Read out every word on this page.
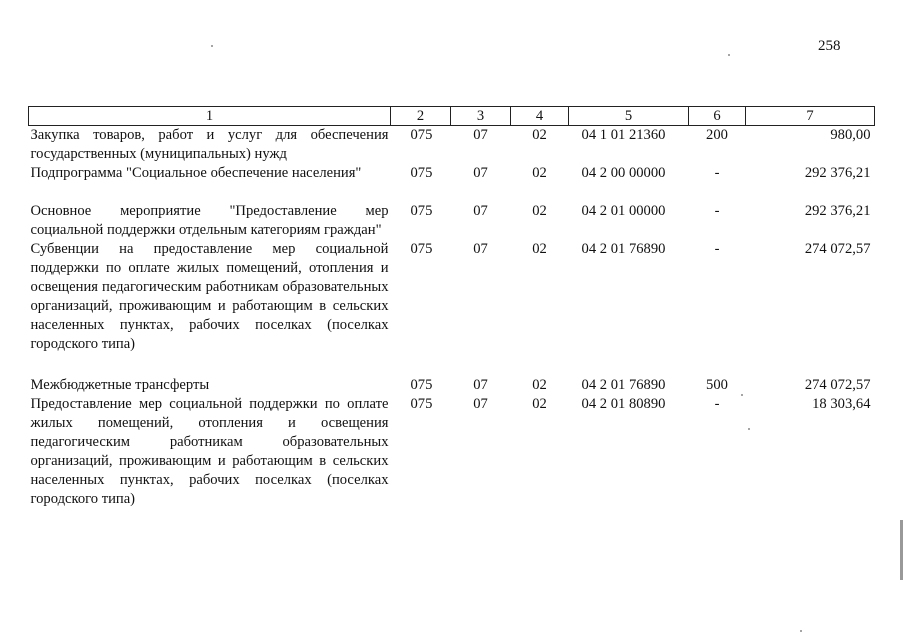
258
1	2	3	4	5	6	7
Закупка товаров, работ и услуг для обеспечения государственных (муниципальных) нужд	075	07	02	04 1 01 21360	200	980,00
Подпрограмма "Социальное обеспечение населения"	075	07	02	04 2 00 00000	-	292 376,21

Основное мероприятие "Предоставление мер социальной поддержки отдельным категориям граждан"	075	07	02	04 2 01 00000	-	292 376,21
Субвенции на предоставление мер социальной поддержки по оплате жилых помещений, отопления и освещения педагогическим работникам образовательных организаций, проживающим и работающим в сельских населенных пунктах, рабочих поселках (поселках городского типа)	075	07	02	04 2 01 76890	-	274 072,57

Межбюджетные трансферты	075	07	02	04 2 01 76890	500	274 072,57
Предоставление мер социальной поддержки по оплате жилых помещений, отопления и освещения педагогическим работникам образовательных организаций, проживающим и работающим в сельских населенных пунктах, рабочих поселках (поселках городского типа)	075	07	02	04 2 01 80890	-	18 303,64
